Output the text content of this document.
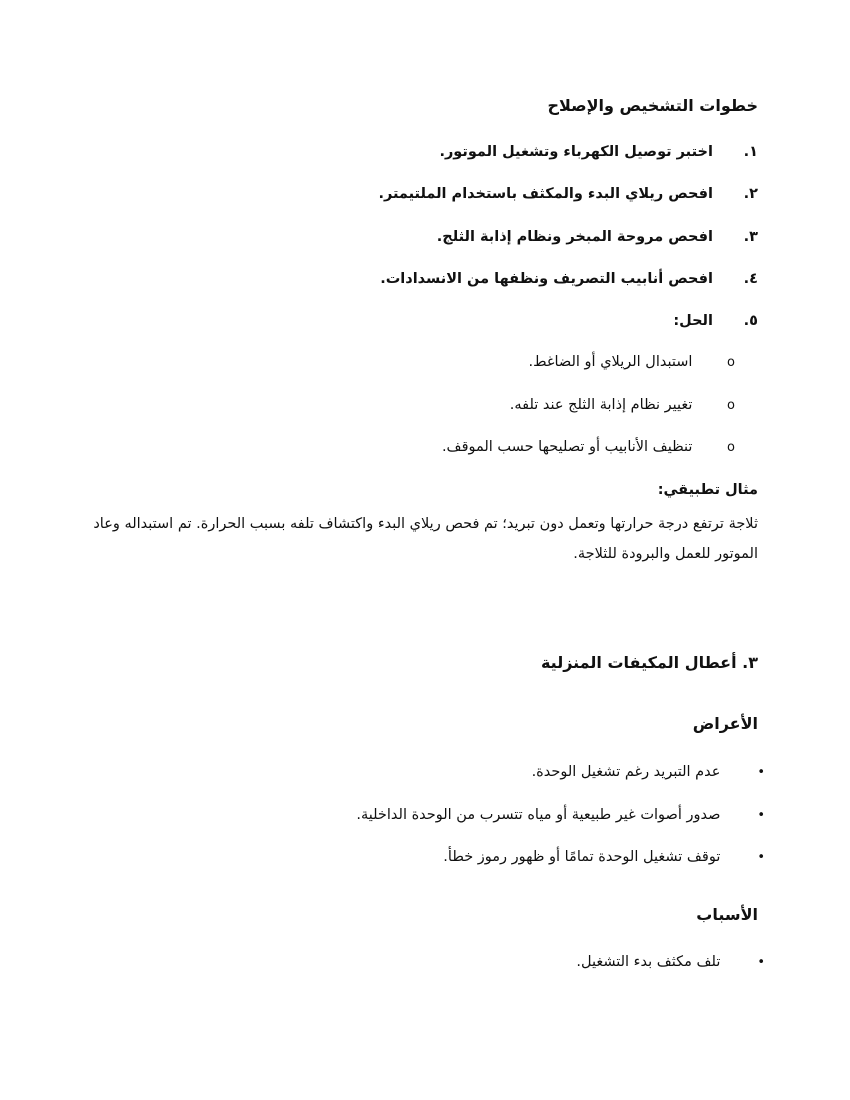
خطوات التشخيص والإصلاح
١. اختبر توصيل الكهرباء وتشغيل الموتور.
٢. افحص ريلاي البدء والمكثف باستخدام الملتيمتر.
٣. افحص مروحة المبخر ونظام إذابة الثلج.
٤. افحص أنابيب التصريف ونظفها من الانسدادات.
٥. الحل:
o استبدال الريلاي أو الضاغط.
o تغيير نظام إذابة الثلج عند تلفه.
o تنظيف الأنابيب أو تصليحها حسب الموقف.
مثال تطبيقي:
ثلاجة ترتفع درجة حرارتها وتعمل دون تبريد؛ تم فحص ريلاي البدء واكتشاف تلفه بسبب الحرارة. تم استبداله وعاد الموتور للعمل والبرودة للثلاجة.
٣. أعطال المكيفات المنزلية
الأعراض
• عدم التبريد رغم تشغيل الوحدة.
• صدور أصوات غير طبيعية أو مياه تتسرب من الوحدة الداخلية.
• توقف تشغيل الوحدة تمامًا أو ظهور رموز خطأ.
الأسباب
• تلف مكثف بدء التشغيل.
